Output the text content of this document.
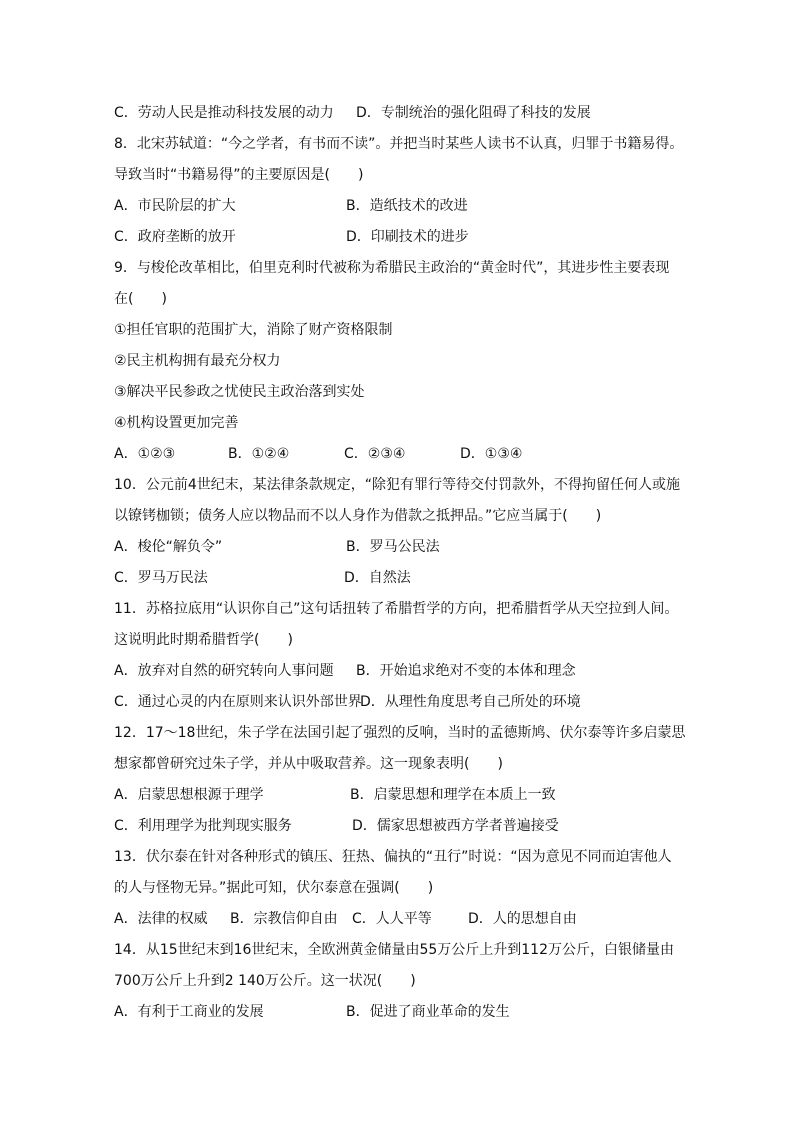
C．劳动人民是推动科技发展的动力 D．专制统治的强化阻碍了科技的发展
8．北宋苏轼道：“今之学者，有书而不读”。并把当时某些人读书不认真，归罪于书籍易得。
导致当时“书籍易得”的主要原因是(　　)
A．市民阶层的扩大	B．造纸技术的改进
C．政府垄断的放开	D．印刷技术的进步
9．与梭伦改革相比，伯里克利时代被称为希腊民主政治的“黄金时代”，其进步性主要表现
在(　　)
①担任官职的范围扩大，消除了财产资格限制
②民主机构拥有最充分权力
③解决平民参政之忧使民主政治落到实处
④机构设置更加完善
A．①②③	B．①②④	C．②③④	D．①③④
10．公元前4世纪末，某法律条款规定，“除犯有罪行等待交付罚款外，不得拘留任何人或施
以镣铐枷锁；债务人应以物品而不以人身作为借款之抵押品。”它应当属于(　　)
A．梭伦“解负令”	B．罗马公民法
C．罗马万民法	D．自然法
11．苏格拉底用“认识你自己”这句话扭转了希腊哲学的方向，把希腊哲学从天空拉到人间。
这说明此时期希腊哲学(　　)
A．放弃对自然的研究转向人事问题 B．开始追求绝对不变的本体和理念
C．通过心灵的内在原则来认识外部世界
D．从理性角度思考自己所处的环境
12．17～18世纪，朱子学在法国引起了强烈的反响，当时的孟德斯鸠、伏尔泰等许多启蒙思
想家都曾研究过朱子学，并从中吸取营养。这一现象表明(　　)
A．启蒙思想根源于理学	B．启蒙思想和理学在本质上一致
C．利用理学为批判现实服务	D．儒家思想被西方学者普遍接受
13．伏尔泰在针对各种形式的镇压、狂热、偏执的“丑行”时说：“因为意见不同而迫害他人
的人与怪物无异。”据此可知，伏尔泰意在强调(　　)
A．法律的权威 B．宗教信仰自由 C．人人平等	D．人的思想自由
14．从15世纪末到16世纪末，全欧洲黄金储量由55万公斤上升到112万公斤，白银储量由
700万公斤上升到2 140万公斤。这一状况(　　)
A．有利于工商业的发展	B．促进了商业革命的发生
